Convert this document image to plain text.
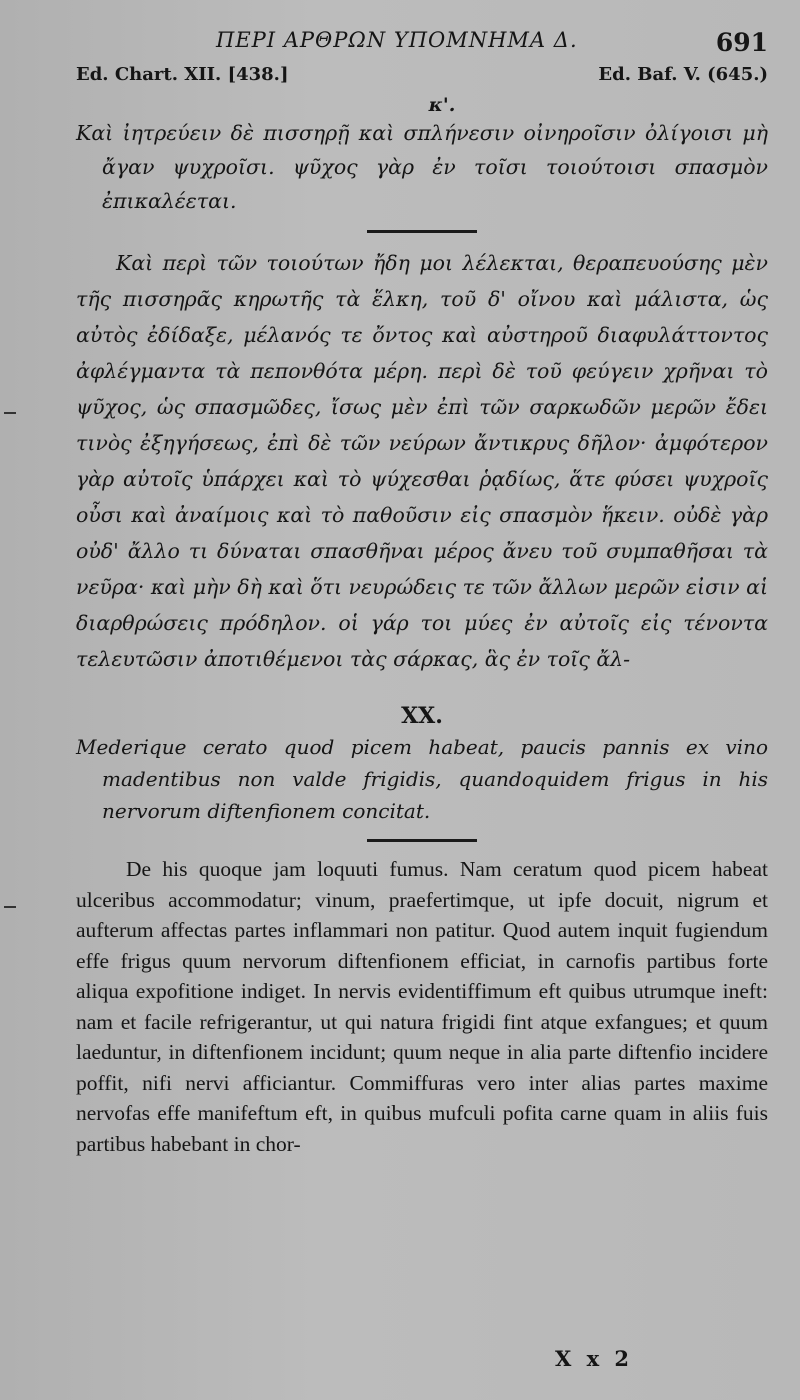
ΠΕΡΙ ΑΡΘΡΩΝ ΥΠΟΜΝΗΜΑ Δ.	691
Ed. Chart. XII. [438.]	Ed. Baf. V. (645.)
κ'.
Καὶ ἰητρεύειν δὲ πισσηρῇ καὶ σπλήνεσιν οἰνηροῖσιν ὀλίγοισι μὴ ἄγαν ψυχροῖσι. ψῦχος γὰρ ἐν τοῖσι τοιούτοισι σπασμὸν ἐπικαλέεται.

Καὶ περὶ τῶν τοιούτων ἤδη μοι λέλεκται, θεραπευούσης μὲν τῆς πισσηρᾶς κηρωτῆς τὰ ἕλκη, τοῦ δ' οἴνου καὶ μάλιστα, ὡς αὐτὸς ἐδίδαξε, μέλανός τε ὄντος καὶ αὐστηροῦ διαφυλάττοντος ἀφλέγμαντα τὰ πεπονθότα μέρη. περὶ δὲ τοῦ φεύγειν χρῆναι τὸ ψῦχος, ὡς σπασμῶδες, ἴσως μὲν ἐπὶ τῶν σαρκωδῶν μερῶν ἔδει τινὸς ἐξηγήσεως, ἐπὶ δὲ τῶν νεύρων ἄντικρυς δῆλον· ἀμφότερον γὰρ αὐτοῖς ὑπάρχει καὶ τὸ ψύχεσθαι ῥᾳδίως, ἅτε φύσει ψυχροῖς οὖσι καὶ ἀναίμοις καὶ τὸ παθοῦσιν εἰς σπασμὸν ἥκειν. οὐδὲ γὰρ οὐδ' ἄλλο τι δύναται σπασθῆναι μέρος ἄνευ τοῦ συμπαθῆσαι τὰ νεῦρα· καὶ μὴν δὴ καὶ ὅτι νευρώδεις τε τῶν ἄλλων μερῶν εἰσιν αἱ διαρθρώσεις πρόδηλον. οἱ γάρ τοι μύες ἐν αὐτοῖς εἰς τένοντα τελευτῶσιν ἀποτιθέμενοι τὰς σάρκας, ἃς ἐν τοῖς ἄλ-

XX.
Mederique cerato quod picem habeat, paucis pannis ex vino madentibus non valde frigidis, quandoquidem frigus in his nervorum diftenfionem concitat.

De his quoque jam loquuti fumus. Nam ceratum quod picem habeat ulceribus accommodatur; vinum, praefertimque, ut ipfe docuit, nigrum et aufterum affectas partes inflammari non patitur. Quod autem inquit fugiendum effe frigus quum nervorum diftenfionem efficiat, in carnofis partibus forte aliqua expofitione indiget. In nervis evidentiffimum eft quibus utrumque ineft: nam et facile refrigerantur, ut qui natura frigidi fint atque exfangues; et quum laeduntur, in diftenfionem incidunt; quum neque in alia parte diftenfio incidere poffit, nifi nervi afficiantur. Commiffuras vero inter alias partes maxime nervofas effe manifeftum eft, in quibus mufculi pofita carne quam in aliis fuis partibus habebant in chor-

X x 2
